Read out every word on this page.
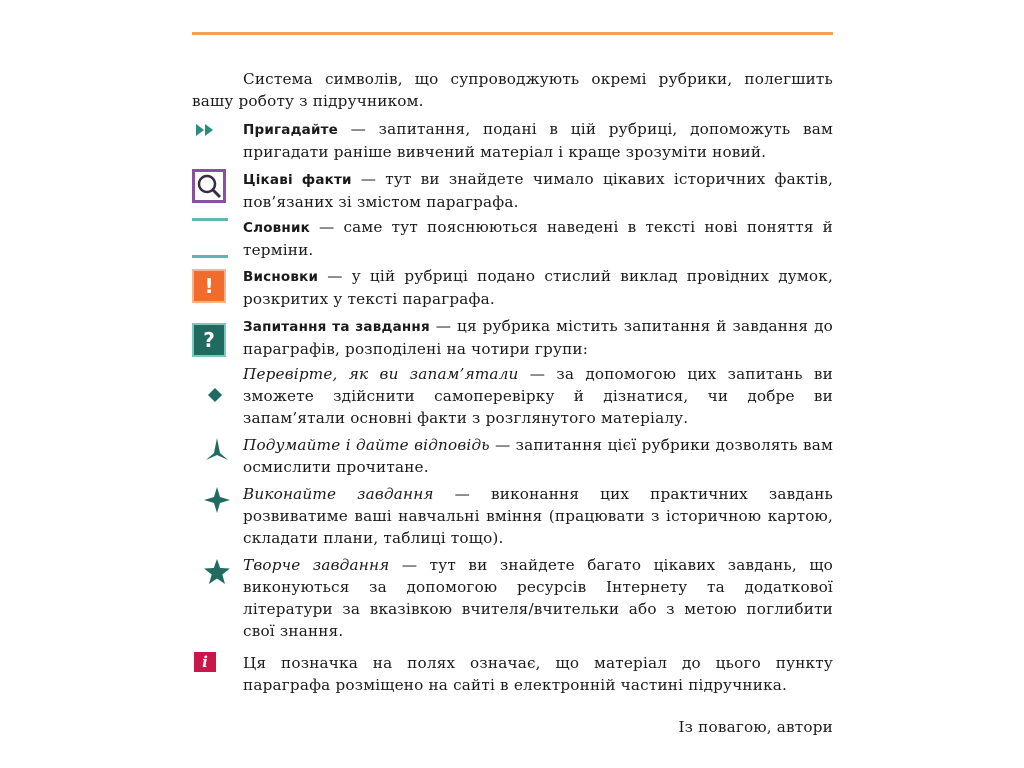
Система символів, що супроводжують окремі рубрики, полегшить вашу роботу з підручником.
Пригадайте — запитання, подані в цій рубриці, допоможуть вам пригадати раніше вивчений матеріал і краще зрозуміти новий.
Цікаві факти — тут ви знайдете чимало цікавих історичних фактів, пов’язаних зі змістом параграфа.
Словник — саме тут пояснюються наведені в тексті нові поняття й терміни.
!	Висновки — у цій рубриці подано стислий виклад провідних думок, розкритих у тексті параграфа.
?
Запитання та завдання — ця рубрика містить запитання й завдання до параграфів, розподілені на чотири групи:
Перевірте, як ви запам’ятали — за допомогою цих запитань ви зможете здійснити самоперевірку й дізнатися, чи добре ви запам’ятали основні факти з розглянутого матеріалу.
Подумайте і дайте відповідь — запитання цієї рубрики дозволять вам осмислити прочитане.
Виконайте завдання — виконання цих практичних завдань розвиватиме ваші навчальні вміння (працювати з історичною картою, складати плани, таблиці тощо).
Творче завдання — тут ви знайдете багато цікавих завдань, що виконуються за допомогою ресурсів Інтернету та додаткової літератури за вказівкою вчителя/вчительки або з метою поглибити свої знання.
i	Ця позначка на полях означає, що матеріал до цього пункту параграфа розміщено на сайті в електронній частині підручника.
Із повагою, автори
